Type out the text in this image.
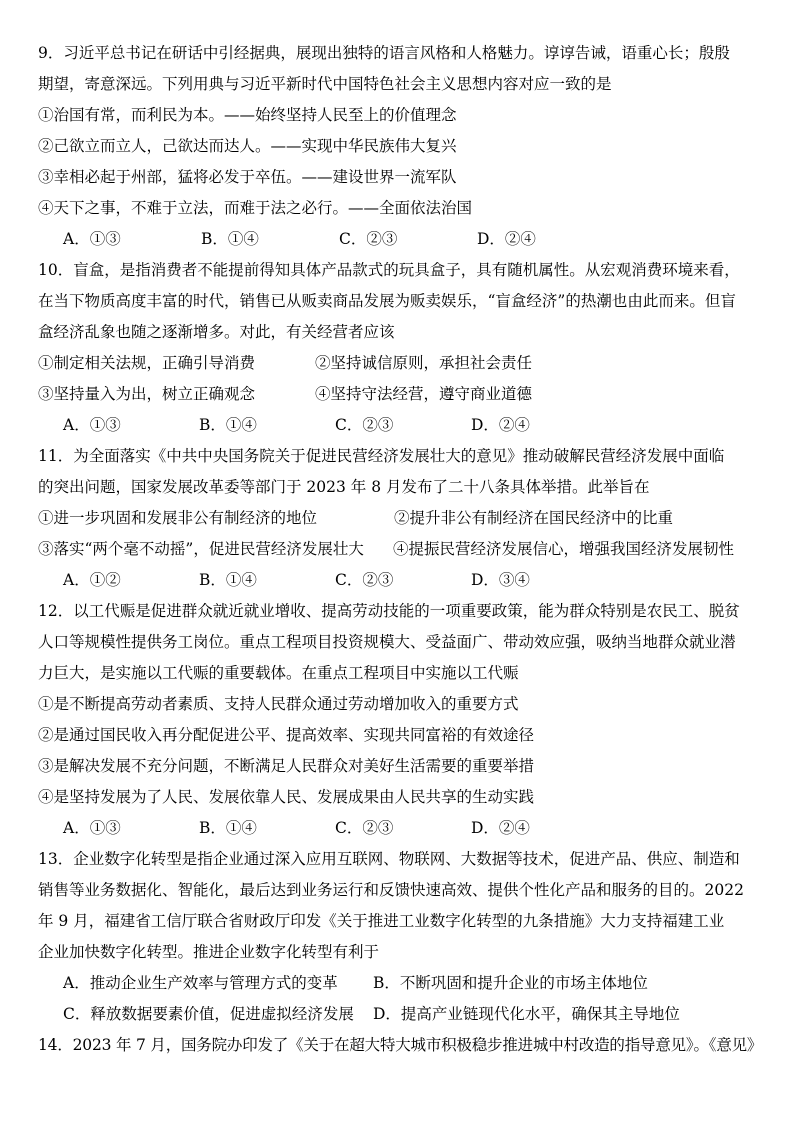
9．习近平总书记在研话中引经据典，展现出独特的语言风格和人格魅力。谆谆告诫，语重心长；殷殷
期望，寄意深远。下列用典与习近平新时代中国特色社会主义思想内容对应一致的是
①治国有常，而利民为本。——始终坚持人民至上的价值理念
②己欲立而立人，己欲达而达人。——实现中华民族伟大复兴
③幸相必起于州部，猛将必发于卒伍。——建设世界一流军队
④天下之事，不难于立法，而难于法之必行。——全面依法治国
A．①③	B．①④	C．②③	D．②④
10．盲盒，是指消费者不能提前得知具体产品款式的玩具盒子，具有随机属性。从宏观消费环境来看，
在当下物质高度丰富的时代，销售已从贩卖商品发展为贩卖娱乐，“盲盒经济”的热潮也由此而来。但盲
盒经济乱象也随之逐渐增多。对此，有关经营者应该
①制定相关法规，正确引导消费	②坚持诚信原则，承担社会责任
③坚持量入为出，树立正确观念	④坚持守法经营，遵守商业道德
A．①③	B．①④	C．②③	D．②④
11．为全面落实《中共中央国务院关于促进民营经济发展壮大的意见》推动破解民营经济发展中面临
的突出问题，国家发展改革委等部门于 2023 年 8 月发布了二十八条具体举措。此举旨在
①进一步巩固和发展非公有制经济的地位	②提升非公有制经济在国民经济中的比重
③落实“两个毫不动摇”，促进民营经济发展壮大	④提振民营经济发展信心，增强我国经济发展韧性
A．①②	B．①④	C．②③	D．③④
12．以工代赈是促进群众就近就业增收、提高劳动技能的一项重要政策，能为群众特别是农民工、脱贫
人口等规模性提供务工岗位。重点工程项目投资规模大、受益面广、带动效应强，吸纳当地群众就业潜
力巨大，是实施以工代赈的重要载体。在重点工程项目中实施以工代赈
①是不断提高劳动者素质、支持人民群众通过劳动增加收入的重要方式
②是通过国民收入再分配促进公平、提高效率、实现共同富裕的有效途径
③是解决发展不充分问题，不断满足人民群众对美好生活需要的重要举措
④是坚持发展为了人民、发展依靠人民、发展成果由人民共享的生动实践
A．①③	B．①④	C．②③	D．②④
13．企业数字化转型是指企业通过深入应用互联网、物联网、大数据等技术，促进产品、供应、制造和
销售等业务数据化、智能化，最后达到业务运行和反馈快速高效、提供个性化产品和服务的目的。2022
年 9 月，福建省工信厅联合省财政厅印发《关于推进工业数字化转型的九条措施》大力支持福建工业
企业加快数字化转型。推进企业数字化转型有利于
A．推动企业生产效率与管理方式的变革	B．不断巩固和提升企业的市场主体地位
C．释放数据要素价值，促进虚拟经济发展	D．提高产业链现代化水平，确保其主导地位
14．2023 年 7 月，国务院办印发了《关于在超大特大城市积极稳步推进城中村改造的指导意见》。《意见》
